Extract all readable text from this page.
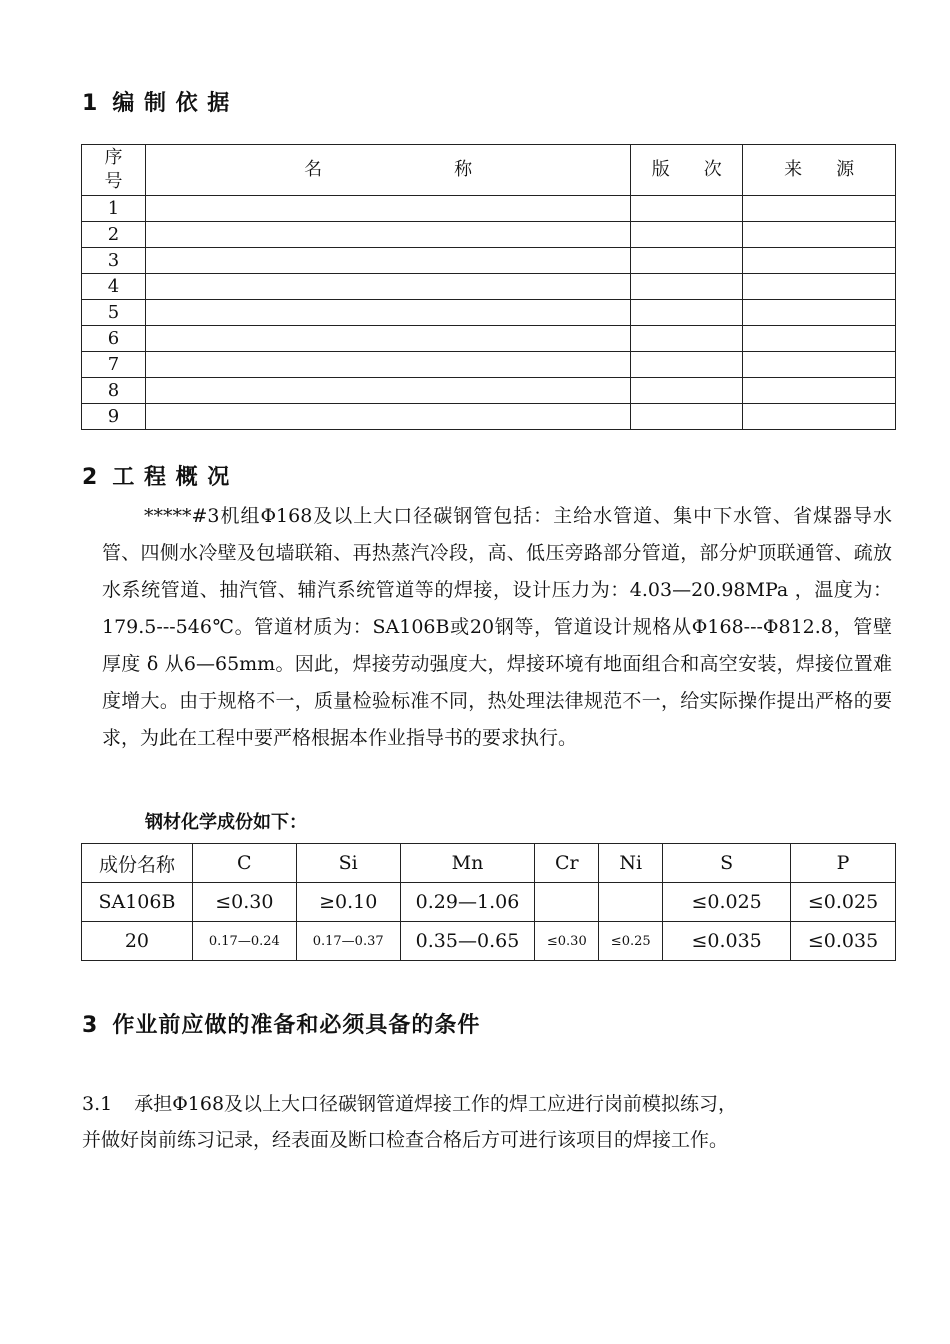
1 编 制 依 据
序号	名 称	版 次	来 源
1			
2			
3			
4			
5			
6			
7			
8			
9			
2 工 程 概 况
*****#3机组Φ168及以上大口径碳钢管包括：主给水管道、集中下水管、省煤器导水管、四侧水冷壁及包墙联箱、再热蒸汽冷段，高、低压旁路部分管道，部分炉顶联通管、疏放水系统管道、抽汽管、辅汽系统管道等的焊接，设计压力为：4.03—20.98MPa ，温度为：179.5---546℃。管道材质为：SA106B或20钢等，管道设计规格从Φ168---Φ812.8，管壁厚度 δ 从6—65mm。因此，焊接劳动强度大，焊接环境有地面组合和高空安装，焊接位置难度增大。由于规格不一，质量检验标准不同，热处理法律规范不一，给实际操作提出严格的要求，为此在工程中要严格根据本作业指导书的要求执行。
钢材化学成份如下：
成份名称	C	Si	Mn	Cr	Ni	S	P
SA106B	≤0.30	≥0.10	0.29—1.06			≤0.025	≤0.025
20	0.17—0.24	0.17—0.37	0.35—0.65	≤0.30	≤0.25	≤0.035	≤0.035
3 作业前应做的准备和必须具备的条件
3.1 承担Φ168及以上大口径碳钢管道焊接工作的焊工应进行岗前模拟练习，
并做好岗前练习记录，经表面及断口检查合格后方可进行该项目的焊接工作。
